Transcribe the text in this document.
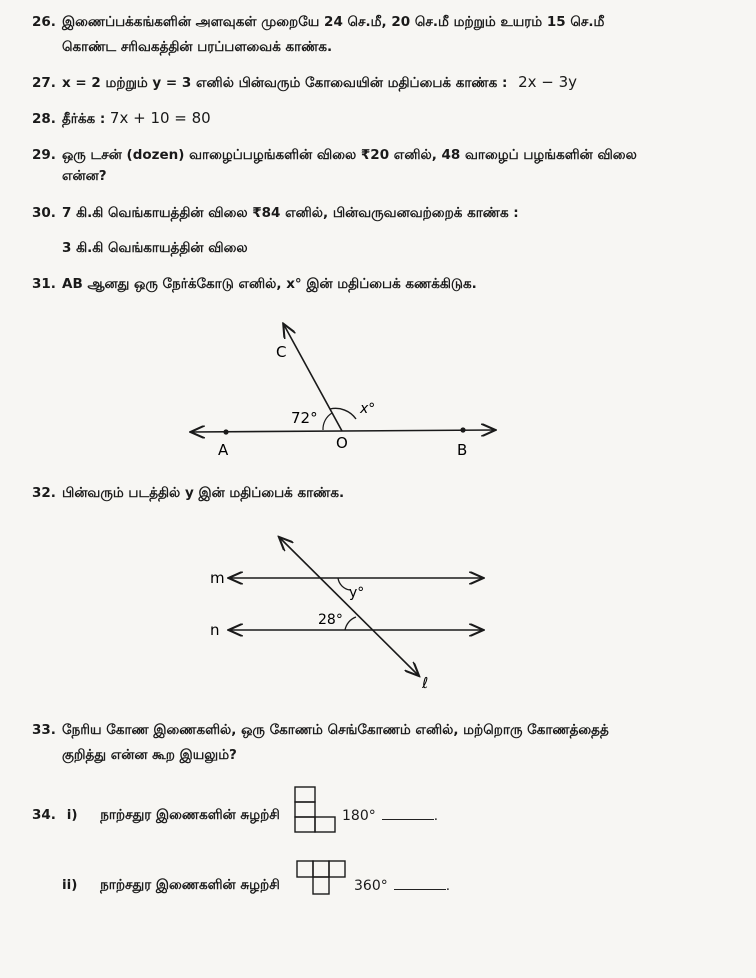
26. இணைப்பக்கங்களின் அளவுகள் முறையே 24 செ.மீ, 20 செ.மீ மற்றும் உயரம் 15 செ.மீ
கொண்ட சரிவகத்தின் பரப்பளவைக் காண்க.
27. x = 2 மற்றும் y = 3 எனில் பின்வரும் கோவையின் மதிப்பைக் காண்க : 2x − 3y
28. தீர்க்க : 7x + 10 = 80
29. ஒரு டசன் (dozen) வாழைப்பழங்களின் விலை ₹20 எனில், 48 வாழைப் பழங்களின் விலை
என்ன?
30. 7 கி.கி வெங்காயத்தின் விலை ₹84 எனில், பின்வருவனவற்றைக் காண்க :
3 கி.கி வெங்காயத்தின் விலை
31. AB ஆனது ஒரு நேர்க்கோடு எனில், x° இன் மதிப்பைக் கணக்கிடுக.
C
72°	x°
A	O	B
32. பின்வரும் படத்தில் y இன் மதிப்பைக் காண்க.
m
n
y°
28°
ℓ
33. நேரிய கோண இணைகளில், ஒரு கோணம் செங்கோணம் எனில், மற்றொரு கோணத்தைத்
குறித்து என்ன கூற இயலும்?
34. i) நாற்சதுர இணைகளின் சுழற்சி	180°	.
ii) நாற்சதுர இணைகளின் சுழற்சி	360°	.
